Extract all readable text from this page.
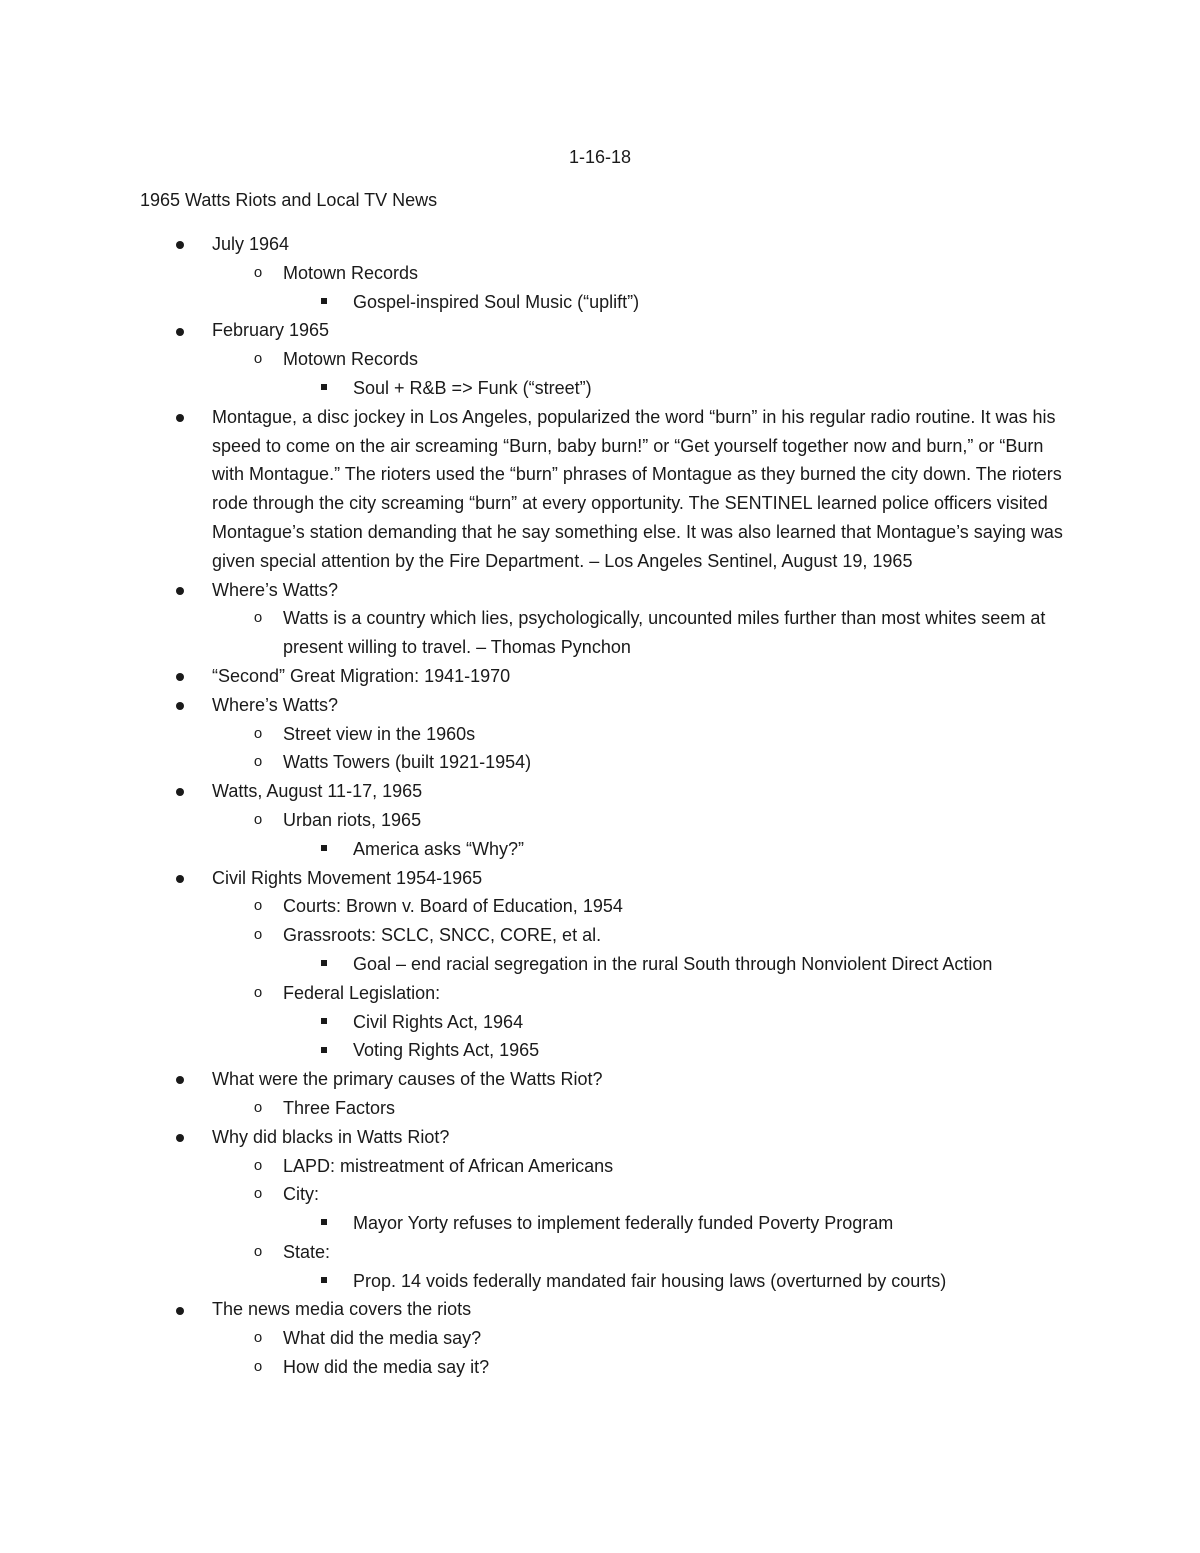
1-16-18
1965 Watts Riots and Local TV News
July 1964
o	Motown Records
Gospel-inspired Soul Music (“uplift”)
February 1965
o	Motown Records
Soul + R&B => Funk (“street”)
Montague, a disc jockey in Los Angeles, popularized the word “burn” in his regular radio routine. It was his speed to come on the air screaming “Burn, baby burn!” or “Get yourself together now and burn,” or “Burn with Montague.” The rioters used the “burn” phrases of Montague as they burned the city down. The rioters rode through the city screaming “burn” at every opportunity. The SENTINEL learned police officers visited Montague’s station demanding that he say something else. It was also learned that Montague’s saying was given special attention by the Fire Department. – Los Angeles Sentinel, August 19, 1965
Where’s Watts?
o	Watts is a country which lies, psychologically, uncounted miles further than most whites seem at present willing to travel. – Thomas Pynchon
“Second” Great Migration: 1941-1970
Where’s Watts?
o	Street view in the 1960s
o	Watts Towers (built 1921-1954)
Watts, August 11-17, 1965
o	Urban riots, 1965
America asks “Why?”
Civil Rights Movement 1954-1965
o	Courts: Brown v. Board of Education, 1954
o	Grassroots: SCLC, SNCC, CORE, et al.
Goal – end racial segregation in the rural South through Nonviolent Direct Action
o	Federal Legislation:
Civil Rights Act, 1964
Voting Rights Act, 1965
What were the primary causes of the Watts Riot?
o	Three Factors
Why did blacks in Watts Riot?
o	LAPD: mistreatment of African Americans
o	City:
Mayor Yorty refuses to implement federally funded Poverty Program
o	State:
Prop. 14 voids federally mandated fair housing laws (overturned by courts)
The news media covers the riots
o	What did the media say?
o	How did the media say it?
